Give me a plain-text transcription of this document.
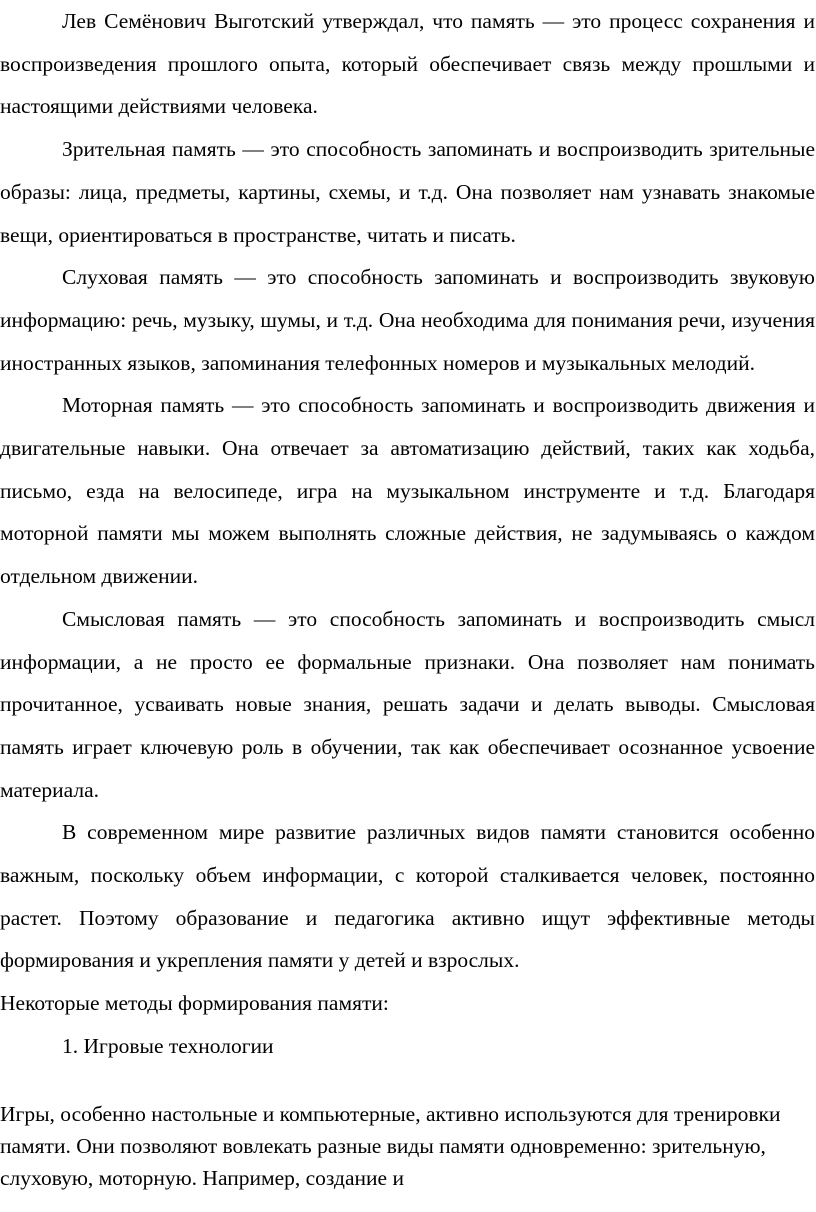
Лев Семёнович Выготский утверждал, что память — это процесс сохранения и воспроизведения прошлого опыта, который обеспечивает связь между прошлыми и настоящими действиями человека.

Зрительная память — это способность запоминать и воспроизводить зрительные образы: лица, предметы, картины, схемы, и т.д. Она позволяет нам узнавать знакомые вещи, ориентироваться в пространстве, читать и писать.

Слуховая память — это способность запоминать и воспроизводить звуковую информацию: речь, музыку, шумы, и т.д. Она необходима для понимания речи, изучения иностранных языков, запоминания телефонных номеров и музыкальных мелодий.

Моторная память — это способность запоминать и воспроизводить движения и двигательные навыки. Она отвечает за автоматизацию действий, таких как ходьба, письмо, езда на велосипеде, игра на музыкальном инструменте и т.д. Благодаря моторной памяти мы можем выполнять сложные действия, не задумываясь о каждом отдельном движении.

Смысловая память — это способность запоминать и воспроизводить смысл информации, а не просто ее формальные признаки. Она позволяет нам понимать прочитанное, усваивать новые знания, решать задачи и делать выводы. Смысловая память играет ключевую роль в обучении, так как обеспечивает осознанное усвоение материала.

В современном мире развитие различных видов памяти становится особенно важным, поскольку объем информации, с которой сталкивается человек, постоянно растет. Поэтому образование и педагогика активно ищут эффективные методы формирования и укрепления памяти у детей и взрослых.

Некоторые методы формирования памяти:

1. Игровые технологии

Игры, особенно настольные и компьютерные, активно используются для тренировки памяти. Они позволяют вовлекать разные виды памяти одновременно: зрительную, слуховую, моторную. Например, создание и
